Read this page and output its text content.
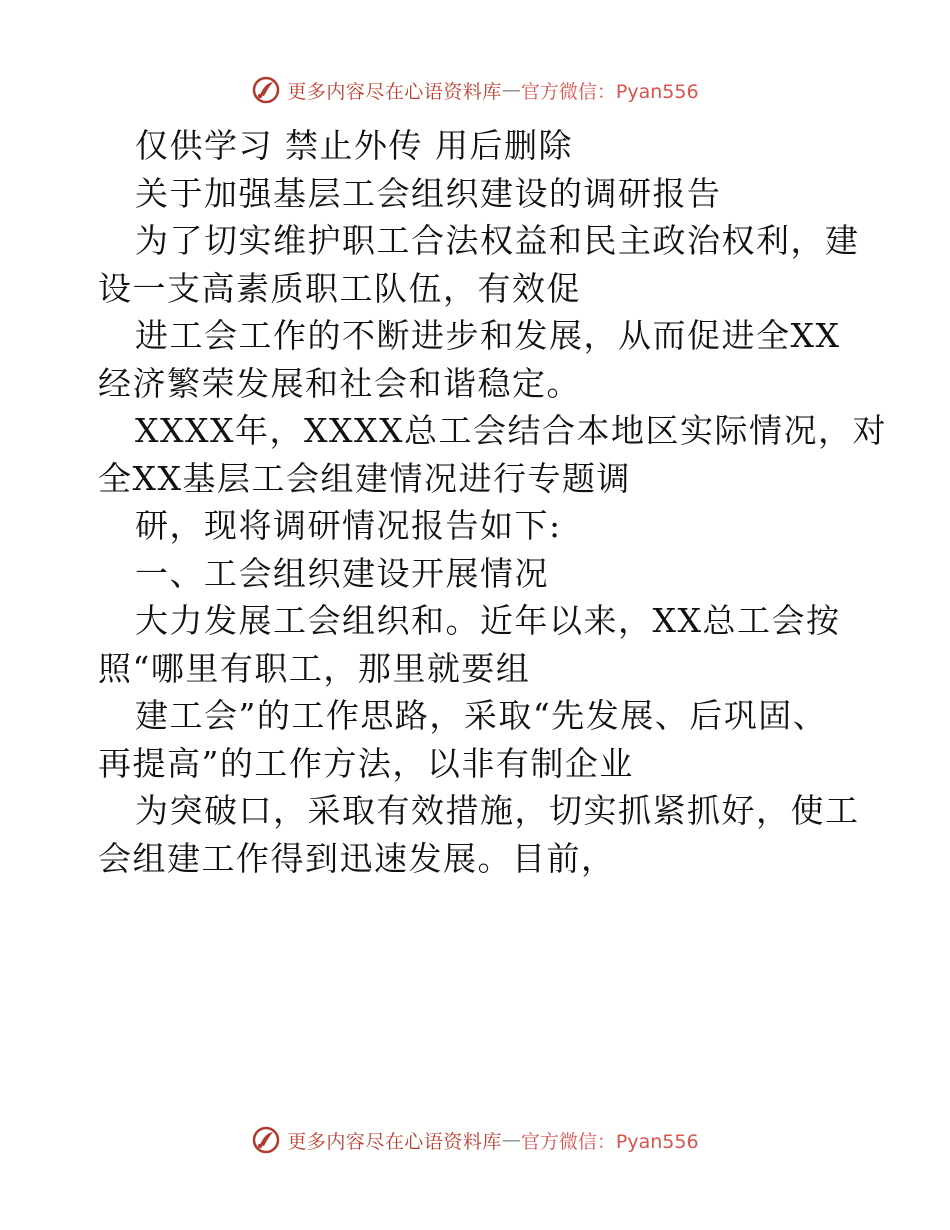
更多内容尽在心语资料库 — 官方微信：Pyan556
仅供学习 禁止外传 用后删除
关于加强基层工会组织建设的调研报告
为了切实维护职工合法权益和民主政治权利，建
设一支高素质职工队伍，有效促
进工会工作的不断进步和发展，从而促进全XX
经济繁荣发展和社会和谐稳定。
XXXX年，XXXX总工会结合本地区实际情况，对
全XX基层工会组建情况进行专题调
研，现将调研情况报告如下:
一、工会组织建设开展情况
大力发展工会组织和。近年以来，XX总工会按
照“哪里有职工，那里就要组
建工会”的工作思路，采取“先发展、后巩固、
再提高”的工作方法，以非有制企业
为突破口，采取有效措施，切实抓紧抓好，使工
会组建工作得到迅速发展。目前，
更多内容尽在心语资料库 — 官方微信：Pyan556
